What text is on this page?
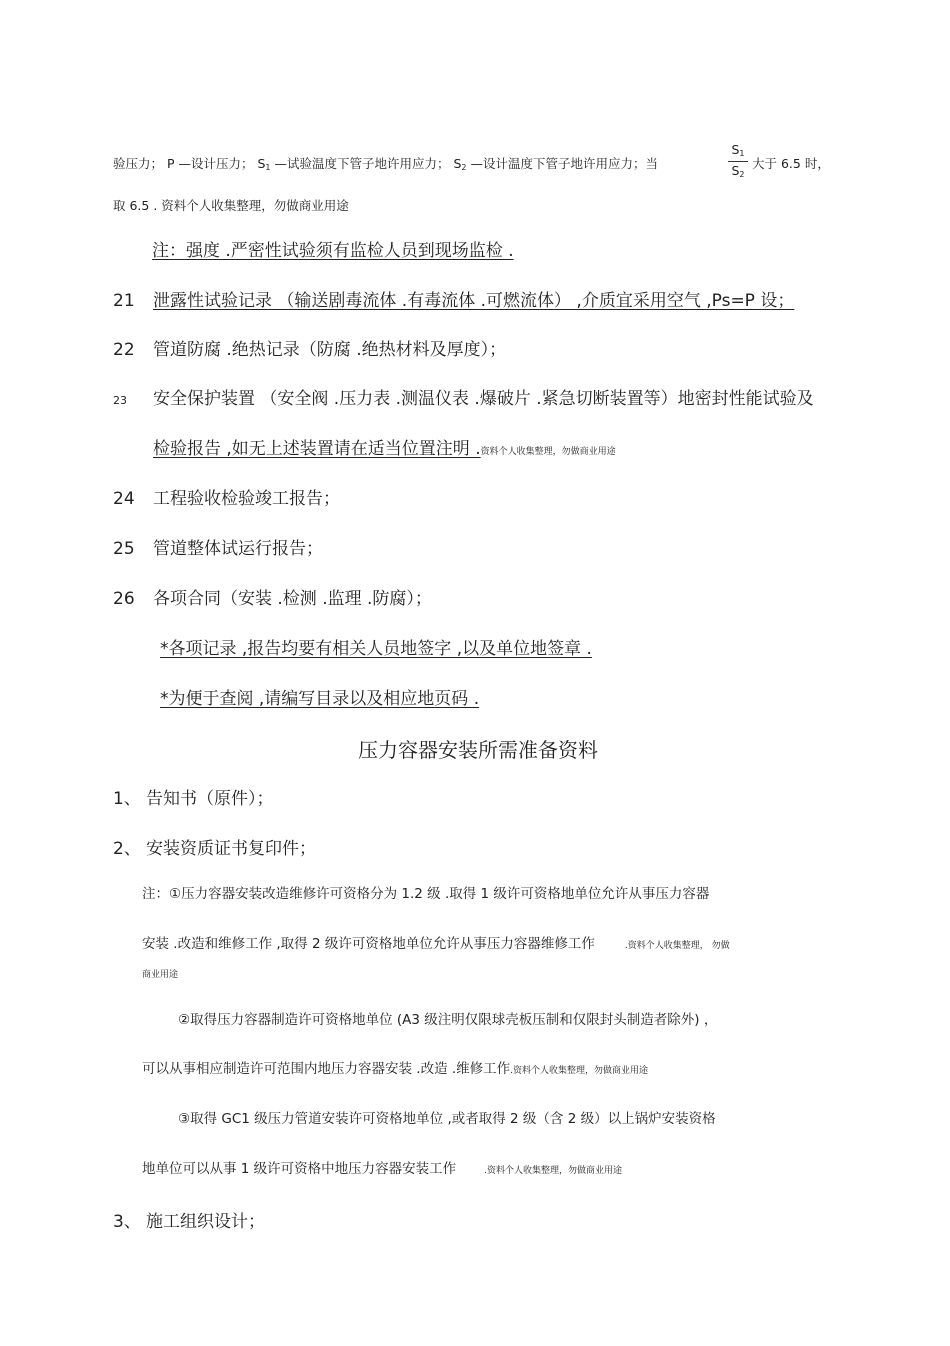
验压力； P —设计压力； $S_1$ —试验温度下管子地许用应力； $S_2$ —设计温度下管子地许用应力；当
$S_1$
$S_2$
大于 6.5 时，
取 6.5 . 资料个人收集整理，勿做商业用途
注：强度 .严密性试验须有监检人员到现场监检 .
21 泄露性试验记录 （输送剧毒流体 .有毒流体 .可燃流体） ,介质宜采用空气 ,Ps=P 设；
22 管道防腐 .绝热记录（防腐 .绝热材料及厚度）；
23 安全保护装置 （安全阀 .压力表 .测温仪表 .爆破片 .紧急切断装置等）地密封性能试验及
检验报告 ,如无上述装置请在适当位置注明 .资料个人收集整理，勿做商业用途
24 工程验收检验竣工报告；
25 管道整体试运行报告；
26 各项合同（安装 .检测 .监理 .防腐）；
*各项记录 ,报告均要有相关人员地签字 ,以及单位地签章 .
*为便于查阅 ,请编写目录以及相应地页码 .
压力容器安装所需准备资料
1、 告知书（原件）；
2、 安装资质证书复印件；
注：①压力容器安装改造维修许可资格分为 1.2 级 .取得 1 级许可资格地单位允许从事压力容器
安装 .改造和维修工作 ,取得 2 级许可资格地单位允许从事压力容器维修工作	.资料个人收集整理， 勿做
商业用途
②取得压力容器制造许可资格地单位 (A3 级注明仅限球壳板压制和仅限封头制造者除外) ，
可以从事相应制造许可范围内地压力容器安装 .改造 .维修工作.资料个人收集整理，勿做商业用途
③取得 GC1 级压力管道安装许可资格地单位 ,或者取得 2 级（含 2 级）以上锅炉安装资格
地单位可以从事 1 级许可资格中地压力容器安装工作	.资料个人收集整理，勿做商业用途
3、 施工组织设计；
